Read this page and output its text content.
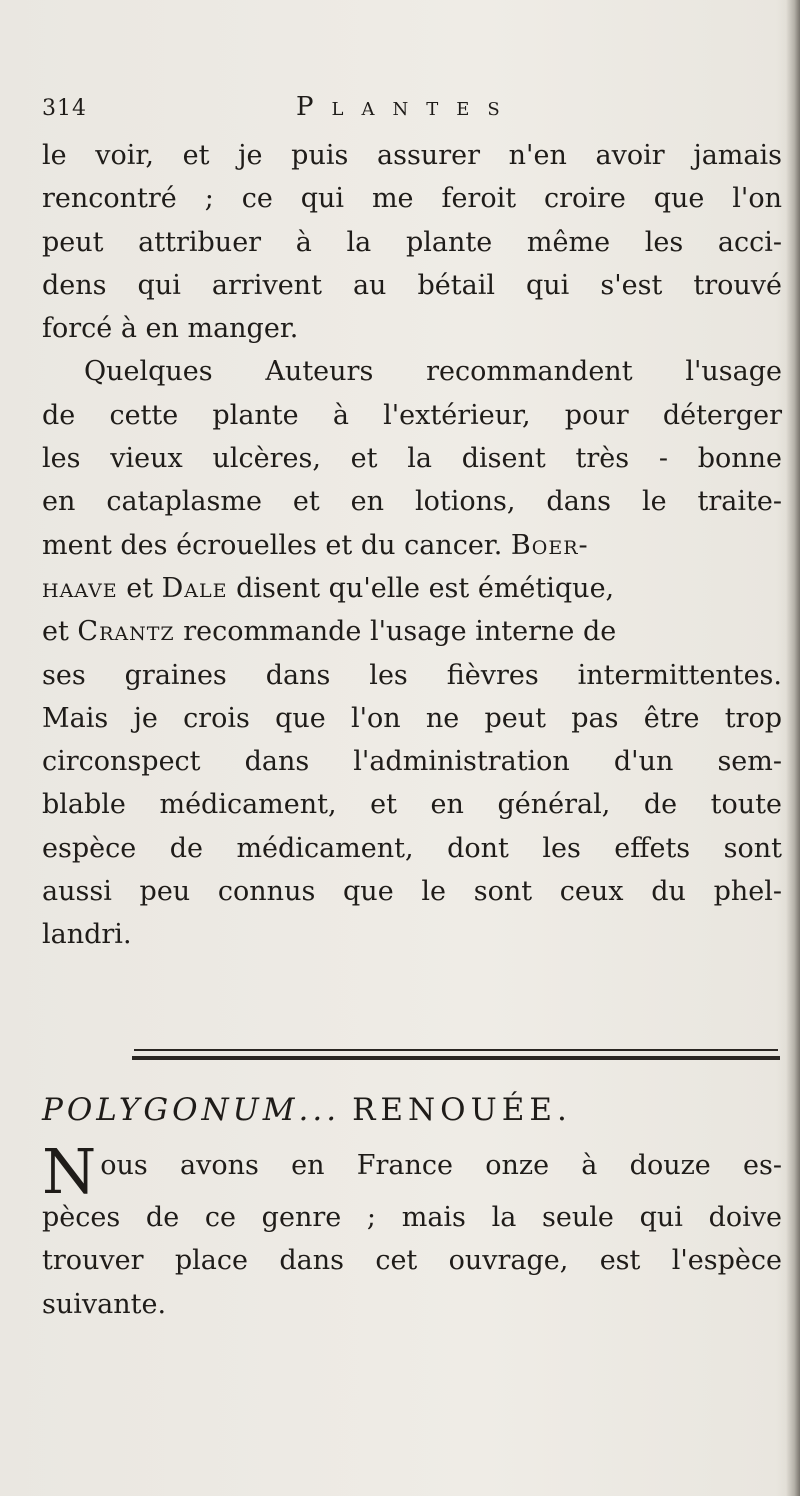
314	Plantes
le voir, et je puis assurer n'en avoir jamais
rencontré ; ce qui me feroit croire que l'on
peut attribuer à la plante même les acci-
dens qui arrivent au bétail qui s'est trouvé
forcé à en manger.
Quelques Auteurs recommandent l'usage
de cette plante à l'extérieur, pour déterger
les vieux ulcères, et la disent très - bonne
en cataplasme et en lotions, dans le traite-
ment des écrouelles et du cancer. Boer-
haave et Dale disent qu'elle est émétique,
et Crantz recommande l'usage interne de
ses graines dans les fièvres intermittentes.
Mais je crois que l'on ne peut pas être trop
circonspect dans l'administration d'un sem-
blable médicament, et en général, de toute
espèce de médicament, dont les effets sont
aussi peu connus que le sont ceux du phel-
landri.
POLYGONUM... RENOUÉE.
N ous avons en France onze à douze es-
pèces de ce genre ; mais la seule qui doive
trouver place dans cet ouvrage, est l'espèce
suivante.
